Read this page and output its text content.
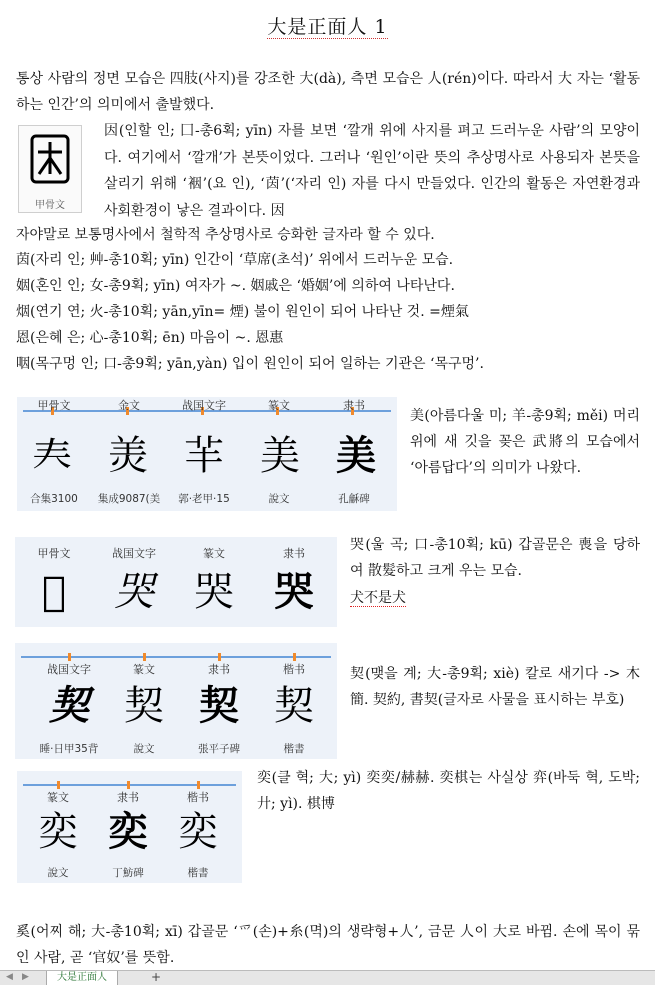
大是正面人 1
통상 사람의 정면 모습은 四肢(사지)를 강조한 大(dà), 측면 모습은 人(rén)이다. 따라서 大 자는 ‘활동하는 인간’의 의미에서 출발했다.
甲骨文
因(인할 인; 囗-총6획; yīn) 자를 보면 ‘깔개 위에 사지를 펴고 드러누운 사람’의 모양이다. 여기에서 ‘깔개’가 본뜻이었다. 그러나 ‘원인’이란 뜻의 추상명사로 사용되자 본뜻을 살리기 위해 ‘裀’(요 인), ‘茵’(‘자리 인) 자를 다시 만들었다. 인간의 활동은 자연환경과 사회환경이 낳은 결과이다. 因
자야말로 보통명사에서 철학적 추상명사로 승화한 글자라 할 수 있다.
茵(자리 인; 艸-총10획; yīn) 인간이 ‘草席(초석)’ 위에서 드러누운 모습.
姻(혼인 인; 女-총9획; yīn) 여자가 ~. 姻戚은 ‘婚姻’에 의하여 나타난다.
烟(연기 연; 火-총10획; yān,yīn= 煙) 불이 원인이 되어 나타난 것. =煙氣
恩(은혜 은; 心-총10획; ēn) 마음이 ~. 恩惠
咽(목구멍 인; 口-총9획; yān,yàn) 입이 원인이 되어 일하는 기관은 ‘목구멍’.
甲骨文	金文	战国文字	篆文	隶书
𡗗 羙 𦍋 美 美
合集3100	集成9087(美	郭·老甲·15	說文	孔龢碑
美(아름다울 미; 羊-총9획; měi) 머리 위에 새 깃을 꽂은 武將의 모습에서 ‘아름답다’의 의미가 나왔다.
甲骨文	战国文字	篆文	隶书
𡀁	哭	哭	哭
哭(울 곡; 口-총10획; kū) 갑골문은 喪을 당하여 散髮하고 크게 우는 모습.
犬不是犬
战国文字	篆文	隶书	楷书
契 契 契 契
睡·日甲35背	說文	張平子碑	楷書
契(맺을 계; 大-총9획; xiè) 칼로 새기다 -> 木簡. 契約, 書契(글자로 사물을 표시하는 부호)
篆文	隶书	楷书
奕 奕 奕
說文	丁魴碑	楷書
奕(클 혁; 大; yì) 奕奕/赫赫. 奕棋는 사실상 弈(바둑 혁, 도박; 廾; yì). 棋博
奚(어찌 해; 大-총10획; xī) 갑골문 ‘爫(손)+糸(멱)의 생략형+人’, 금문 人이 大로 바뀜. 손에 목이 묶인 사람, 곧 ‘官奴’를 뜻함.
◀ ▶	大是正面人	+
